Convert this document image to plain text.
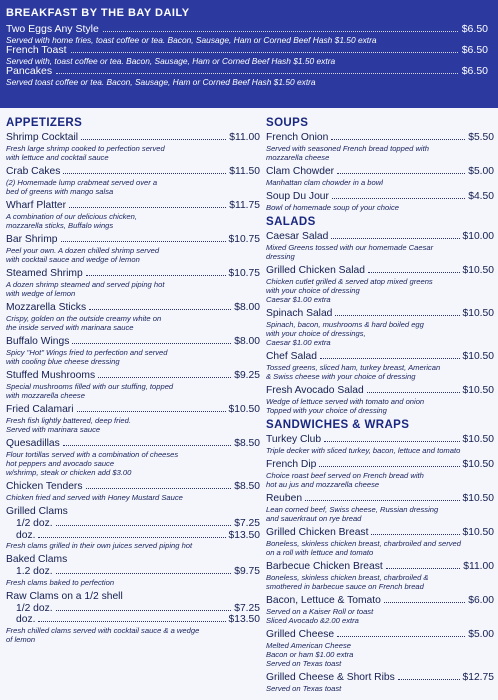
BREAKFAST BY THE BAY DAILY
Two Eggs Any Style	$6.50
Served with home fries, toast coffee or tea. Bacon, Sausage, Ham or Corned Beef Hash $1.50 extra
French Toast	$6.50
Served with, toast coffee or tea. Bacon, Sausage, Ham or Corned Beef Hash $1.50 extra
Pancakes	$6.50
Served toast coffee or tea. Bacon, Sausage, Ham or Corned Beef Hash $1.50 extra
APPETIZERS
Shrimp Cocktail	$11.00
Fresh large shrimp cooked to perfection served
with lettuce and cocktail sauce
Crab Cakes	$11.50
(2) Homemade lump crabmeat served over a
bed of greens with mango salsa
Wharf Platter	$11.75
A combination of our delicious chicken,
mozzarella sticks, Buffalo wings
Bar Shrimp	$10.75
Peel your own. A dozen chilled shrimp served
with cocktail sauce and wedge of lemon
Steamed Shrimp	$10.75
A dozen shrimp steamed and served piping hot
with wedge of lemon
Mozzarella Sticks	$8.00
Crispy, golden on the outside creamy white on
the inside served with marinara sauce
Buffalo Wings	$8.00
Spicy "Hot" Wings fried to perfection and served
with cooling blue cheese dressing
Stuffed Mushrooms	$9.25
Special mushrooms filled with our stuffing, topped
with mozzarella cheese
Fried Calamari	$10.50
Fresh fish lightly battered, deep fried.
Served with marinara sauce
Quesadillas	$8.50
Flour tortillas served with a combination of cheeses
hot peppers and avocado sauce
w/shrimp, steak or chicken add $3.00
Chicken Tenders	$8.50
Chicken fried and served with Honey Mustard Sauce
Grilled Clams
1/2 doz.	$7.25
doz.	$13.50
Fresh clams grilled in their own juices served piping hot
Baked Clams
1.2 doz.	$9.75
Fresh clams baked to perfection
Raw Clams on a 1/2 shell
1/2 doz.	$7.25
doz.	$13.50
Fresh chilled clams served with cocktail sauce & a wedge
of lemon
SOUPS
French Onion	$5.50
Served with seasoned French bread topped with
mozzarella cheese
Clam Chowder	$5.00
Manhattan clam chowder in a bowl
Soup Du Jour	$4.50
Bowl of homemade soup of your choice
SALADS
Caesar Salad	$10.00
Mixed Greens tossed with our homemade Caesar
dressing
Grilled Chicken Salad	$10.50
Chicken cutlet grilled & served atop mixed greens
with your choice of dressing
Caesar $1.00 extra
Spinach Salad	$10.50
Spinach, bacon, mushrooms & hard boiled egg
with your choice of dressings,
Caesar $1.00 extra
Chef Salad	$10.50
Tossed greens, sliced ham, turkey breast, American
& Swiss cheese with your choice of dressing
Fresh Avocado Salad	$10.50
Wedge of lettuce served with tomato and onion
Topped with your choice of dressing
SANDWICHES & WRAPS
Turkey Club	$10.50
Triple decker with sliced turkey, bacon, lettuce and tomato
French Dip	$10.50
Choice roast beef served on French bread with
hot au jus and mozzarella cheese
Reuben	$10.50
Lean corned beef, Swiss cheese, Russian dressing
and sauerkraut on rye bread
Grilled Chicken Breast	$10.50
Boneless, skinless chicken breast, charbroiled and served
on a roll with lettuce and tomato
Barbecue Chicken Breast	$11.00
Boneless, skinless chicken breast, charbroiled &
smothered in barbecue sauce on French bread
Bacon, Lettuce & Tomato	$6.00
Served on a Kaiser Roll or toast
Sliced Avocado &2.00 extra
Grilled Cheese	$5.00
Melted American Cheese
Bacon or ham $1.00 extra
Served on Texas toast
Grilled Cheese & Short Ribs	$12.75
Served on Texas toast
